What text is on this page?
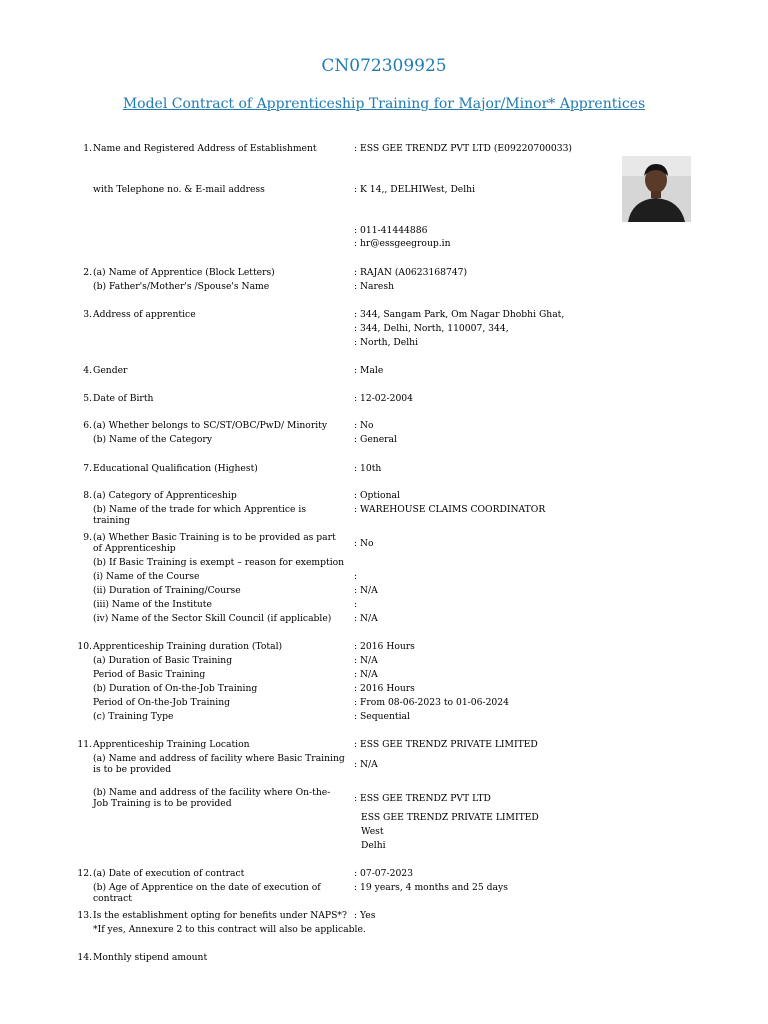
CN072309925
Model Contract of Apprenticeship Training for Major/Minor* Apprentices
1. Name and Registered Address of Establishment	: ESS GEE TRENDZ PVT LTD (E09220700033)
with Telephone no. & E-mail address	: K 14,, DELHIWest, Delhi
: 011-41444886
: hr@essgeegroup.in
2. (a) Name of Apprentice (Block Letters)	: RAJAN (A0623168747)
(b) Father's/Mother's /Spouse's Name	: Naresh
3. Address of apprentice	: 344, Sangam Park, Om Nagar Dhobhi Ghat,
: 344, Delhi, North, 110007, 344,
: North, Delhi
4. Gender	: Male
5. Date of Birth	: 12-02-2004
6. (a) Whether belongs to SC/ST/OBC/PwD/ Minority	: No
(b) Name of the Category	: General
7. Educational Qualification (Highest)	: 10th
8. (a) Category of Apprenticeship	: Optional
(b) Name of the trade for which Apprentice is training
: WAREHOUSE CLAIMS COORDINATOR
9. (a) Whether Basic Training is to be provided as part of Apprenticeship	: No
(b) If Basic Training is exempt – reason for exemption
(i) Name of the Course	:
(ii) Duration of Training/Course	: N/A
(iii) Name of the Institute	:
(iv) Name of the Sector Skill Council (if applicable)	: N/A
10. Apprenticeship Training duration (Total)	: 2016 Hours
(a) Duration of Basic Training	: N/A
Period of Basic Training	: N/A
(b) Duration of On-the-Job Training	: 2016 Hours
Period of On-the-Job Training	: From 08-06-2023 to 01-06-2024
(c) Training Type	: Sequential
11. Apprenticeship Training Location	: ESS GEE TRENDZ PRIVATE LIMITED
(a) Name and address of facility where Basic Training is to be provided	: N/A
(b) Name and address of the facility where On-the-Job Training is to be provided	: ESS GEE TRENDZ PVT LTD
ESS GEE TRENDZ PRIVATE LIMITED
West
Delhi
12. (a) Date of execution of contract	: 07-07-2023
(b) Age of Apprentice on the date of execution of contract
: 19 years, 4 months and 25 days
13. Is the establishment opting for benefits under NAPS*? : Yes
*If yes, Annexure 2 to this contract will also be applicable.
14. Monthly stipend amount
